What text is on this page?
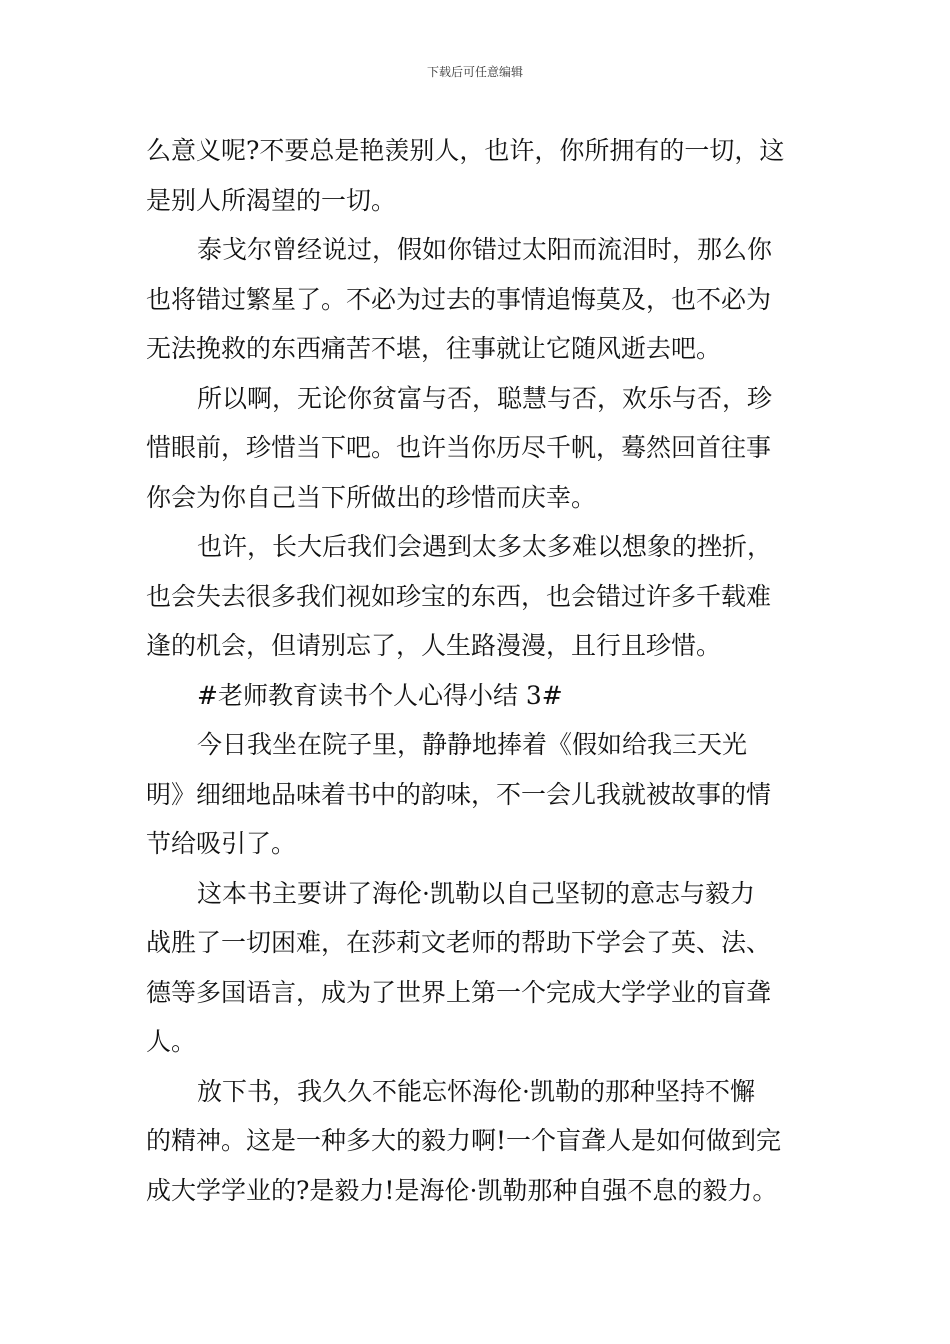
下载后可任意编辑

么意义呢?不要总是艳羡别人，也许，你所拥有的一切，这

是别人所渴望的一切。

泰戈尔曾经说过，假如你错过太阳而流泪时，那么你

也将错过繁星了。不必为过去的事情追悔莫及，也不必为

无法挽救的东西痛苦不堪，往事就让它随风逝去吧。

所以啊，无论你贫富与否，聪慧与否，欢乐与否，珍

惜眼前，珍惜当下吧。也许当你历尽千帆，蓦然回首往事

你会为你自己当下所做出的珍惜而庆幸。

也许，长大后我们会遇到太多太多难以想象的挫折，

也会失去很多我们视如珍宝的东西，也会错过许多千载难

逢的机会，但请别忘了，人生路漫漫，且行且珍惜。

#老师教育读书个人心得小结 3#

今日我坐在院子里，静静地捧着《假如给我三天光

明》细细地品味着书中的韵味，不一会儿我就被故事的情

节给吸引了。

这本书主要讲了海伦·凯勒以自己坚韧的意志与毅力

战胜了一切困难，在莎莉文老师的帮助下学会了英、法、

德等多国语言，成为了世界上第一个完成大学学业的盲聋

人。

放下书，我久久不能忘怀海伦·凯勒的那种坚持不懈

的精神。这是一种多大的毅力啊!一个盲聋人是如何做到完

成大学学业的?是毅力!是海伦·凯勒那种自强不息的毅力。
